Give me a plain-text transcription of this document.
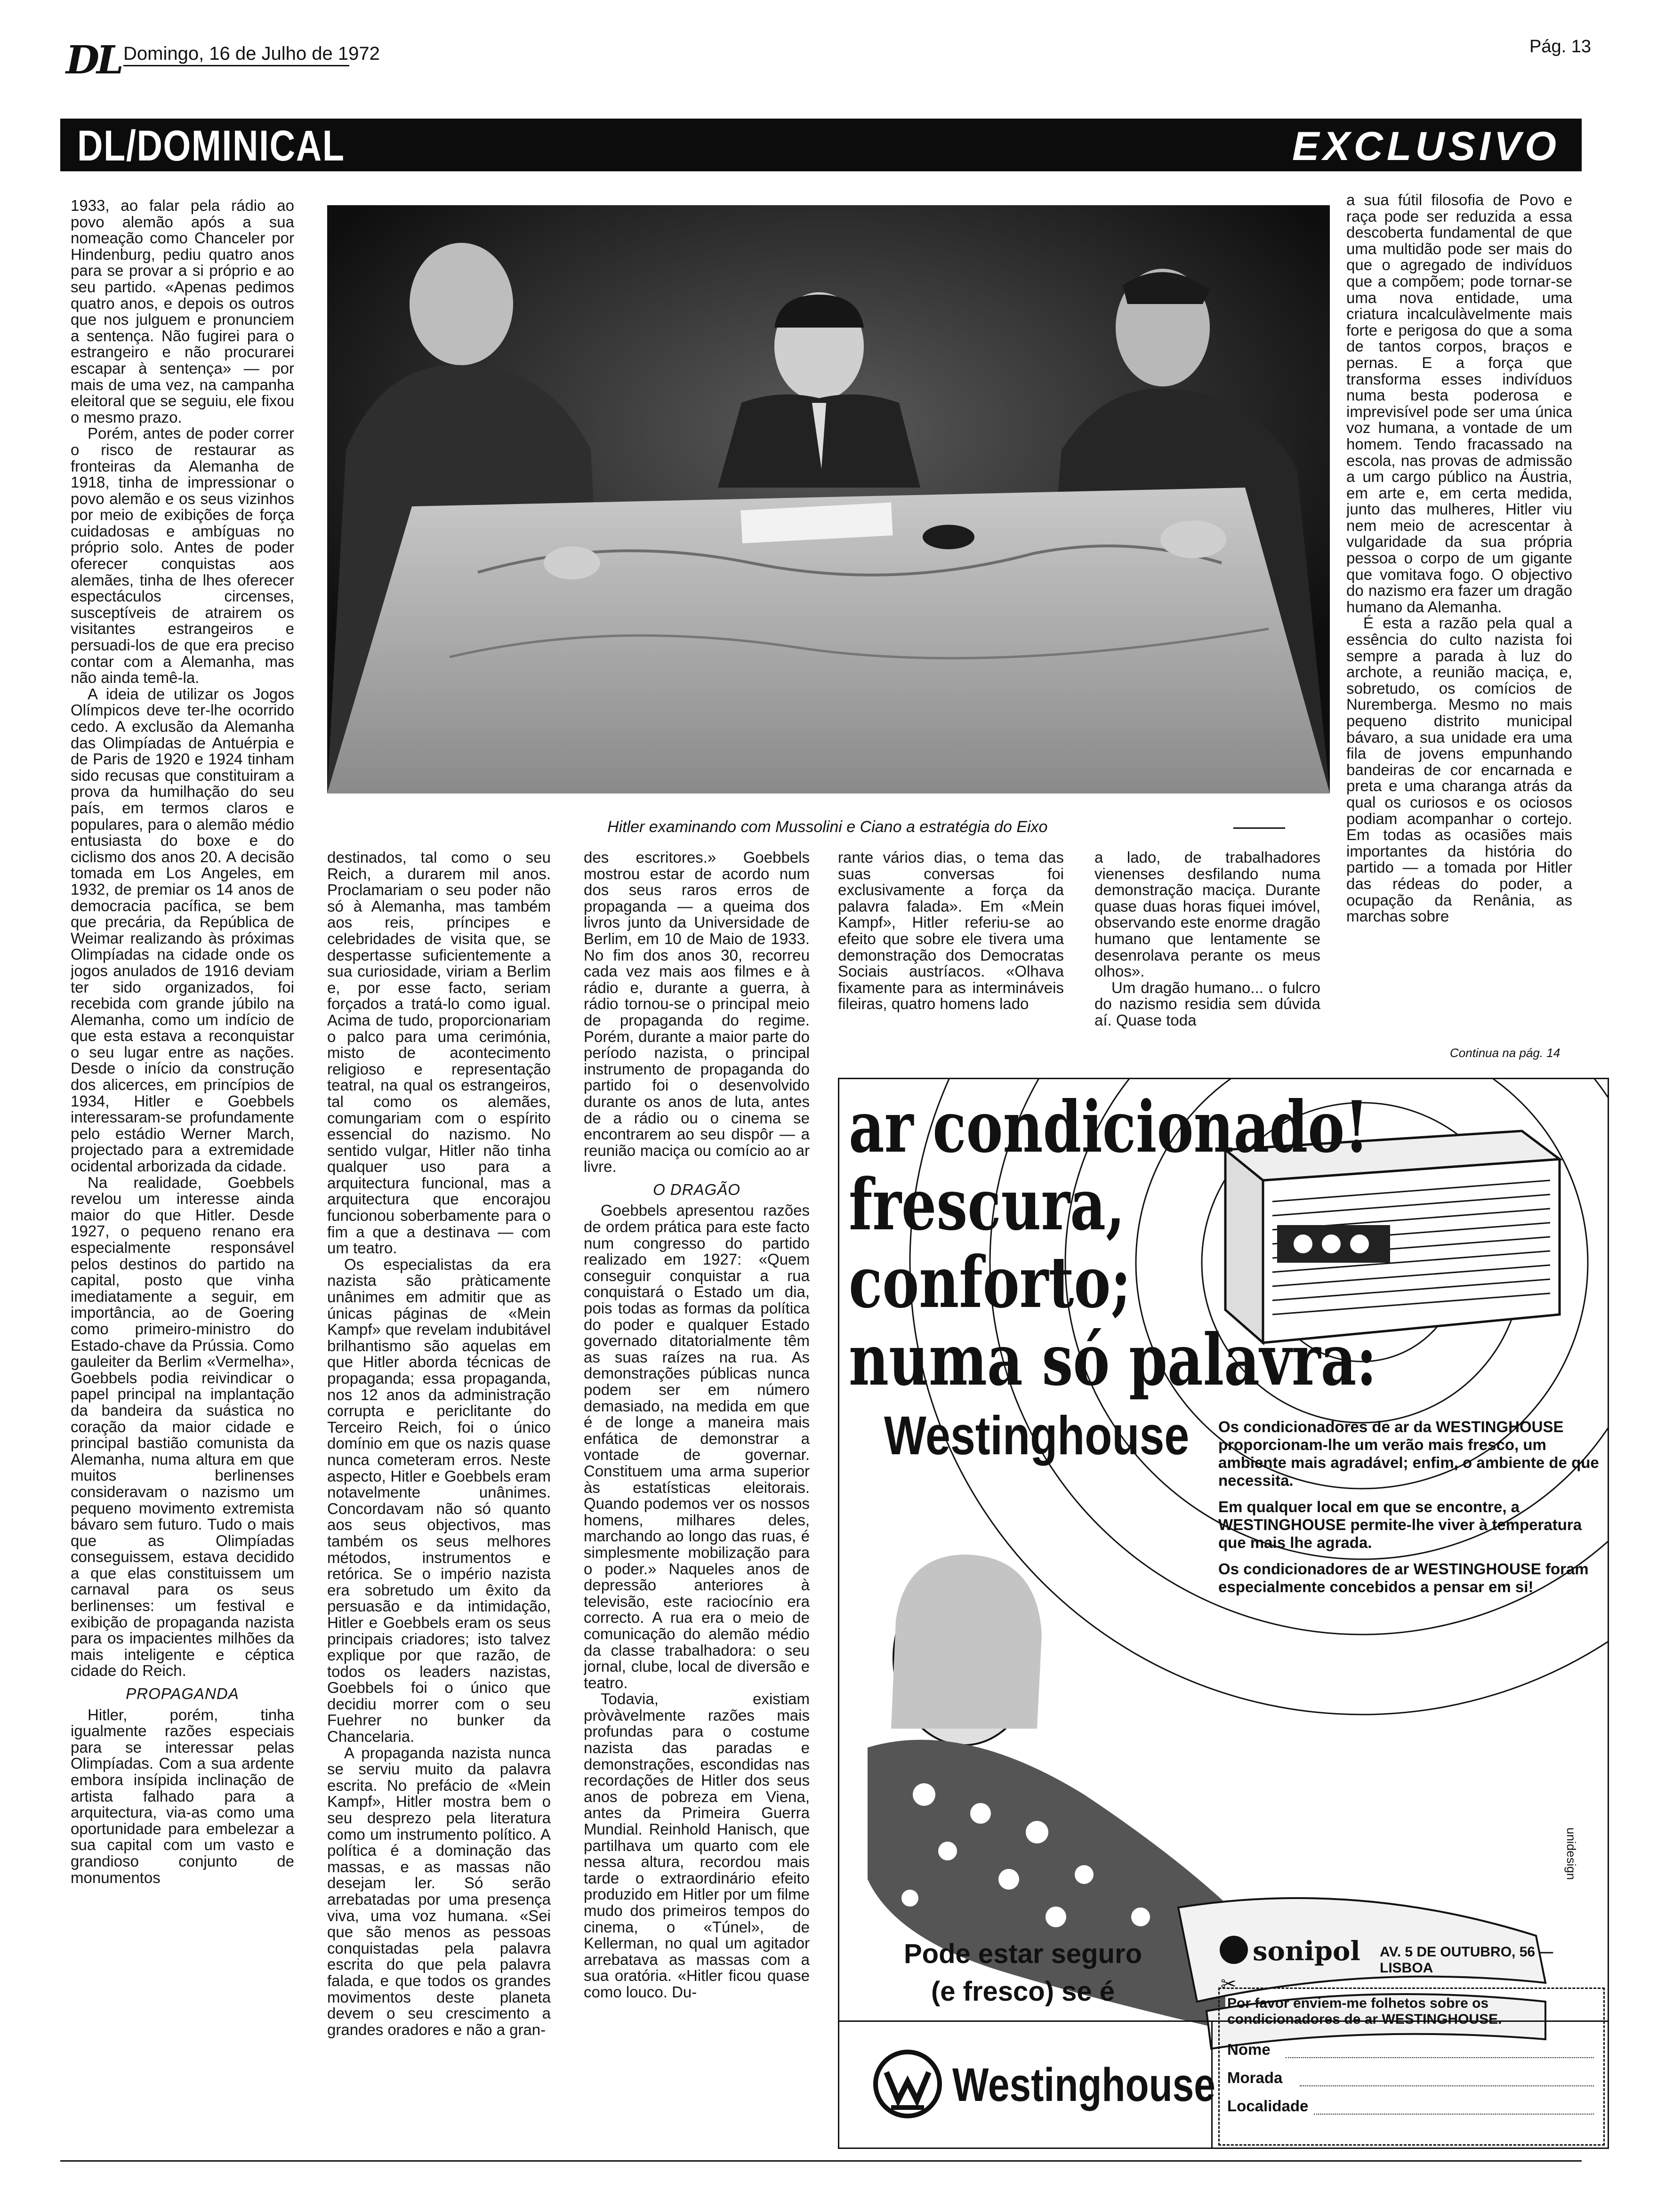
DL Domingo, 16 de Julho de 1972	Pág. 13
DL/DOMINICAL	EXCLUSIVO
Hitler examinando com Mussolini e Ciano a estratégia do Eixo

1933, ao falar pela rádio ao povo alemão após a sua nomeação como Chanceler por Hindenburg, pediu quatro anos para se provar a si próprio e ao seu partido. «Apenas pedimos quatro anos, e depois os outros que nos julguem e pronunciem a sentença. Não fugirei para o estrangeiro e não procurarei escapar à sentença» — por mais de uma vez, na campanha eleitoral que se seguiu, ele fixou o mesmo prazo.

Porém, antes de poder correr o risco de restaurar as fronteiras da Alemanha de 1918, tinha de impressionar o povo alemão e os seus vizinhos por meio de exibições de força cuidadosas e ambíguas no próprio solo. Antes de poder oferecer conquistas aos alemães, tinha de lhes oferecer espectáculos circenses, susceptíveis de atrairem os visitantes estrangeiros e persuadi-los de que era preciso contar com a Alemanha, mas não ainda temê-la.

A ideia de utilizar os Jogos Olímpicos deve ter-lhe ocorrido cedo. A exclusão da Alemanha das Olimpíadas de Antuérpia e de Paris de 1920 e 1924 tinham sido recusas que constituiram a prova da humilhação do seu país, em termos claros e populares, para o alemão médio entusiasta do boxe e do ciclismo dos anos 20. A decisão tomada em Los Angeles, em 1932, de premiar os 14 anos de democracia pacífica, se bem que precária, da República de Weimar realizando às próximas Olimpíadas na cidade onde os jogos anulados de 1916 deviam ter sido organizados, foi recebida com grande júbilo na Alemanha, como um indício de que esta estava a reconquistar o seu lugar entre as nações. Desde o início da construção dos alicerces, em princípios de 1934, Hitler e Goebbels interessaram-se profundamente pelo estádio Werner March, projectado para a extremidade ocidental arborizada da cidade.

Na realidade, Goebbels revelou um interesse ainda maior do que Hitler. Desde 1927, o pequeno renano era especialmente responsável pelos destinos do partido na capital, posto que vinha imediatamente a seguir, em importância, ao de Goering como primeiro-ministro do Estado-chave da Prússia. Como gauleiter da Berlim «Vermelha», Goebbels podia reivindicar o papel principal na implantação da bandeira da suástica no coração da maior cidade e principal bastião comunista da Alemanha, numa altura em que muitos berlinenses consideravam o nazismo um pequeno movimento extremista bávaro sem futuro. Tudo o mais que as Olimpíadas conseguissem, estava decidido a que elas constituissem um carnaval para os seus berlinenses: um festival e exibição de propaganda nazista para os impacientes milhões da mais inteligente e céptica cidade do Reich.

PROPAGANDA

Hitler, porém, tinha igualmente razões especiais para se interessar pelas Olimpíadas. Com a sua ardente embora insípida inclinação de artista falhado para a arquitectura, via-as como uma oportunidade para embelezar a sua capital com um vasto e grandioso conjunto de monumentos

destinados, tal como o seu Reich, a durarem mil anos. Proclamariam o seu poder não só à Alemanha, mas também aos reis, príncipes e celebridades de visita que, se despertasse suficientemente a sua curiosidade, viriam a Berlim e, por esse facto, seriam forçados a tratá-lo como igual. Acima de tudo, proporcionariam o palco para uma cerimónia, misto de acontecimento religioso e representação teatral, na qual os estrangeiros, tal como os alemães, comungariam com o espírito essencial do nazismo. No sentido vulgar, Hitler não tinha qualquer uso para a arquitectura funcional, mas a arquitectura que encorajou funcionou soberbamente para o fim a que a destinava — com um teatro.

Os especialistas da era nazista são pràticamente unânimes em admitir que as únicas páginas de «Mein Kampf» que revelam indubitável brilhantismo são aquelas em que Hitler aborda técnicas de propaganda; essa propaganda, nos 12 anos da administração corrupta e periclitante do Terceiro Reich, foi o único domínio em que os nazis quase nunca cometeram erros. Neste aspecto, Hitler e Goebbels eram notavelmente unânimes. Concordavam não só quanto aos seus objectivos, mas também os seus melhores métodos, instrumentos e retórica. Se o império nazista era sobretudo um êxito da persuasão e da intimidação, Hitler e Goebbels eram os seus principais criadores; isto talvez explique por que razão, de todos os leaders nazistas, Goebbels foi o único que decidiu morrer com o seu Fuehrer no bunker da Chancelaria.

A propaganda nazista nunca se serviu muito da palavra escrita. No prefácio de «Mein Kampf», Hitler mostra bem o seu desprezo pela literatura como um instrumento político. A política é a dominação das massas, e as massas não desejam ler. Só serão arrebatadas por uma presença viva, uma voz humana. «Sei que são menos as pessoas conquistadas pela palavra escrita do que pela palavra falada, e que todos os grandes movimentos deste planeta devem o seu crescimento a grandes oradores e não a gran-

des escritores.» Goebbels mostrou estar de acordo num dos seus raros erros de propaganda — a queima dos livros junto da Universidade de Berlim, em 10 de Maio de 1933. No fim dos anos 30, recorreu cada vez mais aos filmes e à rádio e, durante a guerra, à rádio tornou-se o principal meio de propaganda do regime. Porém, durante a maior parte do período nazista, o principal instrumento de propaganda do partido foi o desenvolvido durante os anos de luta, antes de a rádio ou o cinema se encontrarem ao seu dispôr — a reunião maciça ou comício ao ar livre.

O DRAGÃO

Goebbels apresentou razões de ordem prática para este facto num congresso do partido realizado em 1927: «Quem conseguir conquistar a rua conquistará o Estado um dia, pois todas as formas da política do poder e qualquer Estado governado ditatorialmente têm as suas raízes na rua. As demonstrações públicas nunca podem ser em número demasiado, na medida em que é de longe a maneira mais enfática de demonstrar a vontade de governar. Constituem uma arma superior às estatísticas eleitorais. Quando podemos ver os nossos homens, milhares deles, marchando ao longo das ruas, é simplesmente mobilização para o poder.» Naqueles anos de depressão anteriores à televisão, este raciocínio era correcto. A rua era o meio de comunicação do alemão médio da classe trabalhadora: o seu jornal, clube, local de diversão e teatro.

Todavia, existiam pròvàvelmente razões mais profundas para o costume nazista das paradas e demonstrações, escondidas nas recordações de Hitler dos seus anos de pobreza em Viena, antes da Primeira Guerra Mundial. Reinhold Hanisch, que partilhava um quarto com ele nessa altura, recordou mais tarde o extraordinário efeito produzido em Hitler por um filme mudo dos primeiros tempos do cinema, o «Túnel», de Kellerman, no qual um agitador arrebatava as massas com a sua oratória. «Hitler ficou quase como louco. Du-

rante vários dias, o tema das suas conversas foi exclusivamente a força da palavra falada». Em «Mein Kampf», Hitler referiu-se ao efeito que sobre ele tivera uma demonstração dos Democratas Sociais austríacos. «Olhava fixamente para as intermináveis fileiras, quatro homens lado

a lado, de trabalhadores vienenses desfilando numa demonstração maciça. Durante quase duas horas fiquei imóvel, observando este enorme dragão humano que lentamente se desenrolava perante os meus olhos».

Um dragão humano... o fulcro do nazismo residia sem dúvida aí. Quase toda

a sua fútil filosofia de Povo e raça pode ser reduzida a essa descoberta fundamental de que uma multidão pode ser mais do que o agregado de indivíduos que a compõem; pode tornar-se uma nova entidade, uma criatura incalculàvelmente mais forte e perigosa do que a soma de tantos corpos, braços e pernas. E a força que transforma esses indivíduos numa besta poderosa e imprevisível pode ser uma única voz humana, a vontade de um homem. Tendo fracassado na escola, nas provas de admissão a um cargo público na Áustria, em arte e, em certa medida, junto das mulheres, Hitler viu nem meio de acrescentar à vulgaridade da sua própria pessoa o corpo de um gigante que vomitava fogo. O objectivo do nazismo era fazer um dragão humano da Alemanha.

É esta a razão pela qual a essência do culto nazista foi sempre a parada à luz do archote, a reunião maciça, e, sobretudo, os comícios de Nuremberga. Mesmo no mais pequeno distrito municipal bávaro, a sua unidade era uma fila de jovens empunhando bandeiras de cor encarnada e preta e uma charanga atrás da qual os curiosos e os ociosos podiam acompanhar o cortejo. Em todas as ocasiões mais importantes da história do partido — a tomada por Hitler das rédeas do poder, a ocupação da Renânia, as marchas sobre

Continua na pág. 14
ar condicionado!
frescura,
conforto;
numa só palavra:
Westinghouse Os condicionadores de ar da WESTINGHOUSE proporcionam-lhe um verão mais fresco, um ambiente mais agradável; enfim, o ambiente de que necessita.

Em qualquer local em que se encontre, a WESTINGHOUSE permite-lhe viver à temperatura que mais lhe agrada.

Os condicionadores de ar WESTINGHOUSE foram especialmente concebidos a pensar em si!

unidesign
Pode estar seguro
(e fresco) se é
Westinghouse
sonipol AV. 5 DE OUTUBRO, 56 — LISBOA
✂
Por favor enviem-me folhetos sobre os condicionadores de ar WESTINGHOUSE.
Nome
Morada
Localidade
